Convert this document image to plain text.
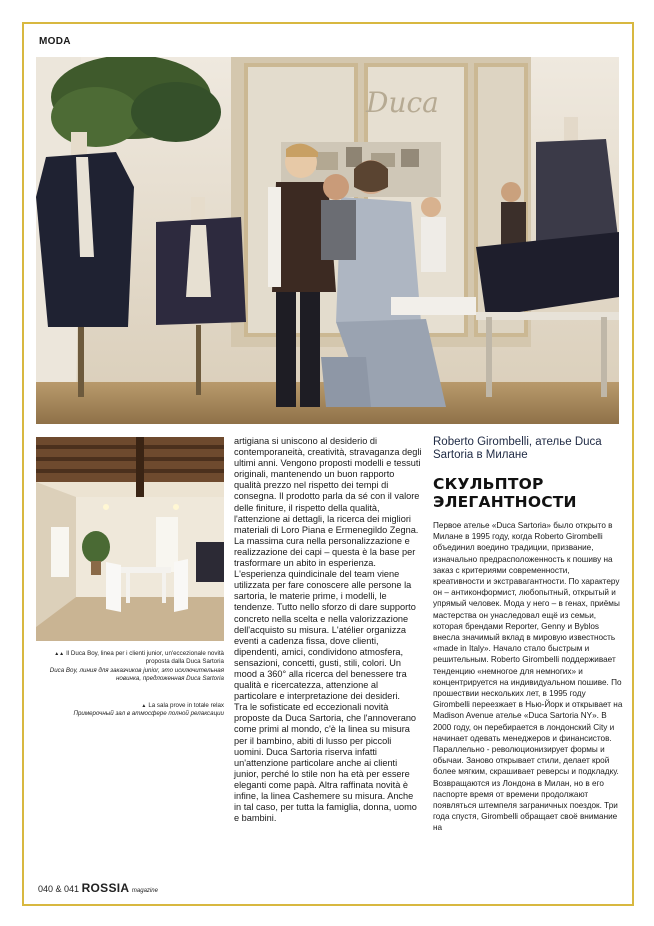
MODA
Duca
▲▲ Il Duca Boy, linea per i clienti junior, un'eccezionale novità proposta dalla Duca Sartoria
Duca Boy, линия для заказчиков junior, это исключительная новинка, предложенная Duca Sartoria
▲ La sala prove in totale relax
Примерочный зал в атмосфере полной релаксации

artigiana si uniscono al desiderio di contemporaneità, creatività, stravaganza degli ultimi anni. Vengono proposti modelli e tessuti originali, mantenendo un buon rapporto qualità prezzo nel rispetto dei tempi di consegna. Il prodotto parla da sé con il valore delle finiture, il rispetto della qualità, l'attenzione ai dettagli, la ricerca dei migliori materiali di Loro Piana e Ermenegildo Zegna. La massima cura nella personalizzazione e realizzazione dei capi – questa è la base per trasformare un abito in esperienza. L'esperienza quindicinale del team viene utilizzata per fare conoscere alle persone la sartoria, le materie prime, i modelli, le tendenze. Tutto nello sforzo di dare supporto concreto nella scelta e nella valorizzazione dell'acquisto su misura. L'atélier organizza eventi a cadenza fissa, dove clienti, dipendenti, amici, condividono atmosfera, sensazioni, concetti, gusti, stili, colori. Un mood a 360° alla ricerca del benessere tra qualità e ricercatezza, attenzione al particolare e interpretazione dei desideri.

Tra le sofisticate ed eccezionali novità proposte da Duca Sartoria, che l'annoverano come primi al mondo, c'è la linea su misura per il bambino, abiti di lusso per piccoli uomini. Duca Sartoria riserva infatti un'attenzione particolare anche ai clienti junior, perché lo stile non ha età per essere eleganti come papà. Altra raffinata novità è infine, la linea Cashemere su misura. Anche in tal caso, per tutta la famiglia, donna, uomo e bambini.

Roberto Girombelli, ателье Duca Sartoria в Милане
СКУЛЬПТОР ЭЛЕГАНТНОСТИ
Первое ателье «Duca Sartoria» было открыто в Милане в 1995 году, когда Roberto Girombelli объединил воедино традиции, призвание, изначально предрасположенность к пошиву на заказ с критериями современности, креативности и экстравагантности. По характеру он – антиконформист, любопытный, открытый и упрямый человек. Мода у него – в генах, приёмы мастерства он унаследовал ещё из семьи, которая брендами Reporter, Genny и Byblos внесла значимый вклад в мировую известность «made in Italy». Начало стало быстрым и решительным. Roberto Girombelli поддерживает тенденцию «немногое для немногих» и концентрируется на индивидуальном пошиве. По прошествии нескольких лет, в 1995 году Girombelli переезжает в Нью-Йорк и открывает на Madison Avenue ателье «Duca Sartoria NY». В 2000 году, он перебирается в лондонский City и начинает одевать менеджеров и финансистов. Параллельно - революционизирует формы и обычаи. Заново открывает стили, делает крой более мягким, скрашивает реверсы и подкладку. Возвращаются из Лондона в Милан, но в его паспорте время от времени продолжают появляться штемпеля заграничных поездок. Три года спустя, Girombelli обращает своё внимание на
040 & 041 ROSSIA magazine
